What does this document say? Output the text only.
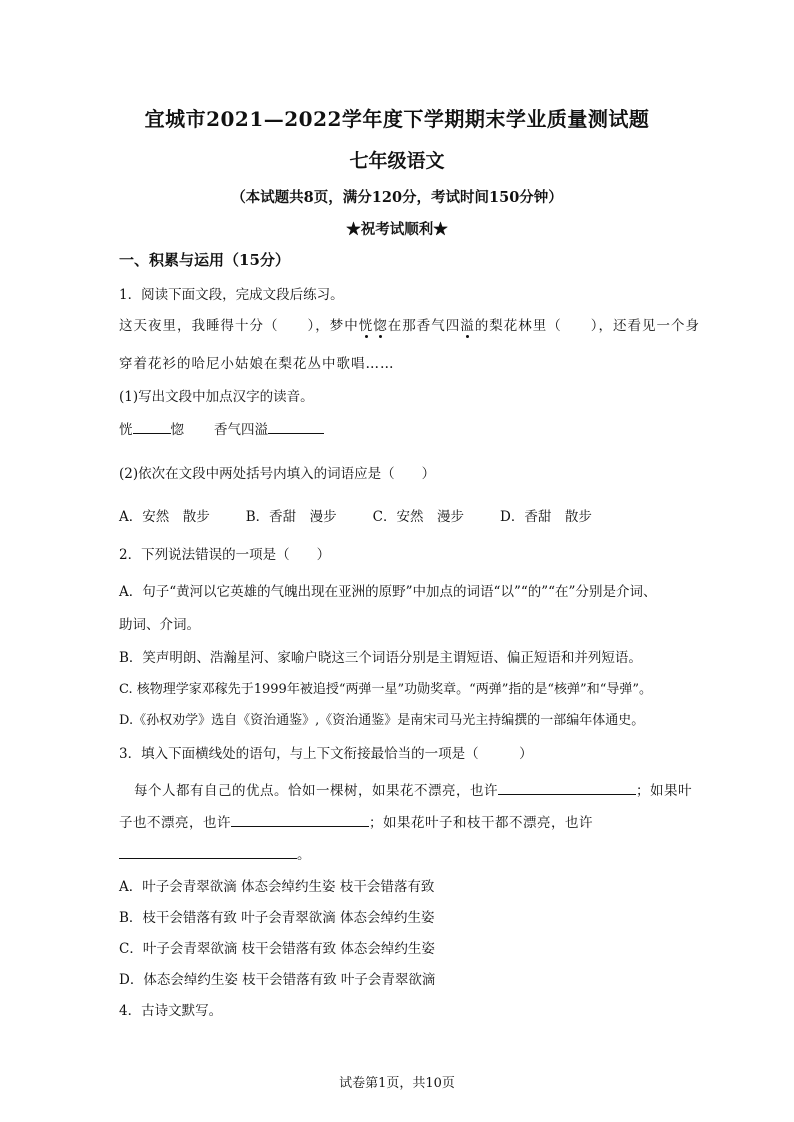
宜城市2021—2022学年度下学期期末学业质量测试题
七年级语文
（本试题共8页，满分120分，考试时间150分钟）
★祝考试顺利★
一、积累与运用（15分）
1．阅读下面文段，完成文段后练习。
这天夜里，我睡得十分（　　），梦中恍惚在那香气四溢的梨花林里（　　），还看见一个身
穿着花衫的哈尼小姑娘在梨花丛中歌唱……
(1)写出文段中加点汉字的读音。
恍	惚 香气四溢
(2)依次在文段中两处括号内填入的词语应是（　　）
A．安然　散步	B．香甜　漫步	C．安然　漫步	D．香甜　散步
2．下列说法错误的一项是（　　）
A．句子“黄河以它英雄的气魄出现在亚洲的原野”中加点的词语“以”“的”“在”分别是介词、
助词、介词。
B．笑声明朗、浩瀚星河、家喻户晓这三个词语分别是主谓短语、偏正短语和并列短语。
C. 核物理学家邓稼先于1999年被追授“两弹一星”功勋奖章。“两弹”指的是“核弹”和“导弹”。
D.《孙权劝学》选自《资治通鉴》,《资治通鉴》是南宋司马光主持编撰的一部编年体通史。
3．填入下面横线处的语句，与上下文衔接最恰当的一项是（　　　）
每个人都有自己的优点。恰如一棵树，如果花不漂亮，也许	；如果叶
子也不漂亮，也许	；如果花叶子和枝干都不漂亮，也许
。
A．叶子会青翠欲滴 体态会绰约生姿 枝干会错落有致
B．枝干会错落有致 叶子会青翠欲滴 体态会绰约生姿
C．叶子会青翠欲滴 枝干会错落有致 体态会绰约生姿
D．体态会绰约生姿 枝干会错落有致 叶子会青翠欲滴
4．古诗文默写。
试卷第1页，共10页
